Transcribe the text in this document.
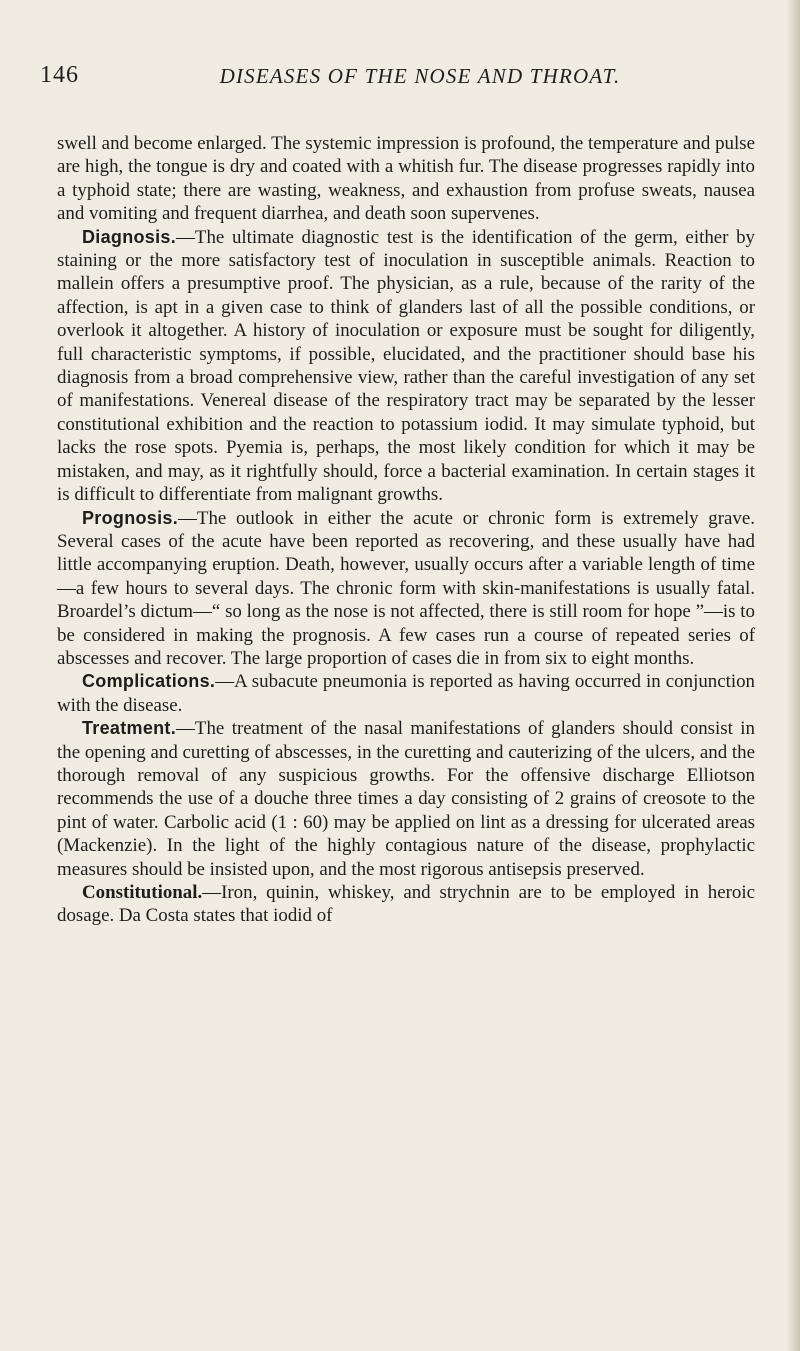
146	DISEASES OF THE NOSE AND THROAT.

swell and become enlarged. The systemic impression is profound, the temperature and pulse are high, the tongue is dry and coated with a whitish fur. The disease progresses rapidly into a typhoid state; there are wasting, weakness, and exhaustion from profuse sweats, nausea and vomiting and frequent diarrhea, and death soon supervenes.

Diagnosis.—The ultimate diagnostic test is the identification of the germ, either by staining or the more satisfactory test of inoculation in susceptible animals. Reaction to mallein offers a presumptive proof. The physician, as a rule, because of the rarity of the affection, is apt in a given case to think of glanders last of all the possible conditions, or overlook it altogether. A history of inoculation or exposure must be sought for diligently, full characteristic symptoms, if possible, elucidated, and the practitioner should base his diagnosis from a broad comprehensive view, rather than the careful investigation of any set of manifestations. Venereal disease of the respiratory tract may be separated by the lesser constitutional exhibition and the reaction to potassium iodid. It may simulate typhoid, but lacks the rose spots. Pyemia is, perhaps, the most likely condition for which it may be mistaken, and may, as it rightfully should, force a bacterial examination. In certain stages it is difficult to differentiate from malignant growths.

Prognosis.—The outlook in either the acute or chronic form is extremely grave. Several cases of the acute have been reported as recovering, and these usually have had little accompanying eruption. Death, however, usually occurs after a variable length of time—a few hours to several days. The chronic form with skin-manifestations is usually fatal. Broardel’s dictum—“ so long as the nose is not affected, there is still room for hope ”—is to be considered in making the prognosis. A few cases run a course of repeated series of abscesses and recover. The large proportion of cases die in from six to eight months.

Complications.—A subacute pneumonia is reported as having occurred in conjunction with the disease.

Treatment.—The treatment of the nasal manifestations of glanders should consist in the opening and curetting of abscesses, in the curetting and cauterizing of the ulcers, and the thorough removal of any suspicious growths. For the offensive discharge Elliotson recommends the use of a douche three times a day consisting of 2 grains of creosote to the pint of water. Carbolic acid (1 : 60) may be applied on lint as a dressing for ulcerated areas (Mackenzie). In the light of the highly contagious nature of the disease, prophylactic measures should be insisted upon, and the most rigorous antisepsis preserved.

Constitutional.—Iron, quinin, whiskey, and strychnin are to be employed in heroic dosage. Da Costa states that iodid of
